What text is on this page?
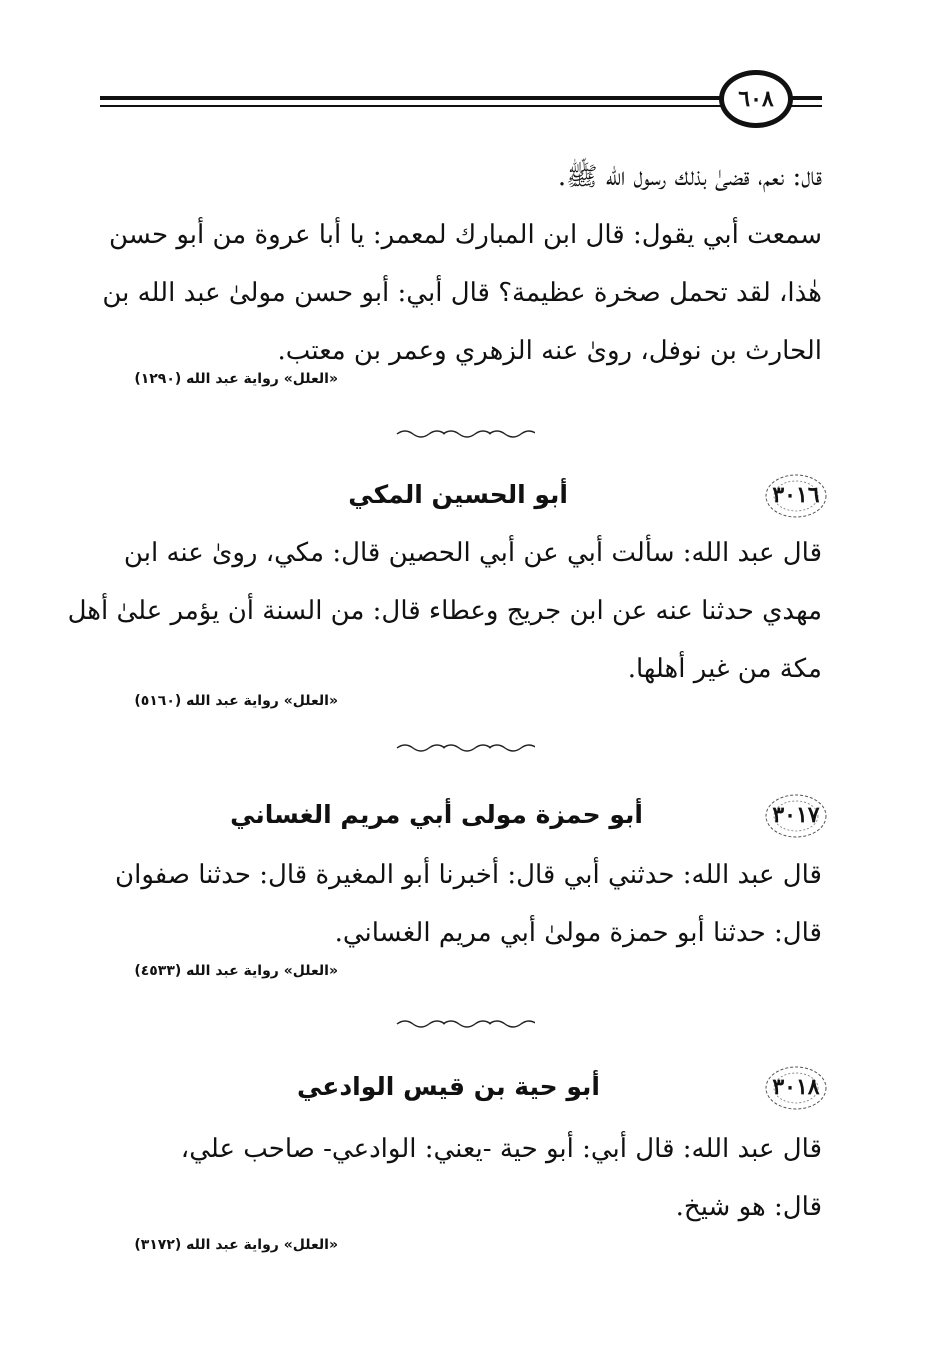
٦٠٨
قال: نعم، قضىٰ بذلك رسول الله ﷺ.
سمعت أبي يقول: قال ابن المبارك لمعمر: يا أبا عروة من أبو حسن
هٰذا، لقد تحمل صخرة عظيمة؟ قال أبي: أبو حسن مولىٰ عبد الله بن
الحارث بن نوفل، روىٰ عنه الزهري وعمر بن معتب.
«العلل» رواية عبد الله (١٢٩٠)
٣٠١٦
أبو الحسين المكي
قال عبد الله: سألت أبي عن أبي الحصين قال: مكي، روىٰ عنه ابن
مهدي حدثنا عنه عن ابن جريج وعطاء قال: من السنة أن يؤمر علىٰ أهل
مكة من غير أهلها.
«العلل» رواية عبد الله (٥١٦٠)
٣٠١٧
أبو حمزة مولى أبي مريم الغساني
قال عبد الله: حدثني أبي قال: أخبرنا أبو المغيرة قال: حدثنا صفوان
قال: حدثنا أبو حمزة مولىٰ أبي مريم الغساني.
«العلل» رواية عبد الله (٤٥٣٣)
٣٠١٨
أبو حية بن قيس الوادعي
قال عبد الله: قال أبي: أبو حية -يعني: الوادعي- صاحب علي،
قال: هو شيخ.
«العلل» رواية عبد الله (٣١٧٢)
